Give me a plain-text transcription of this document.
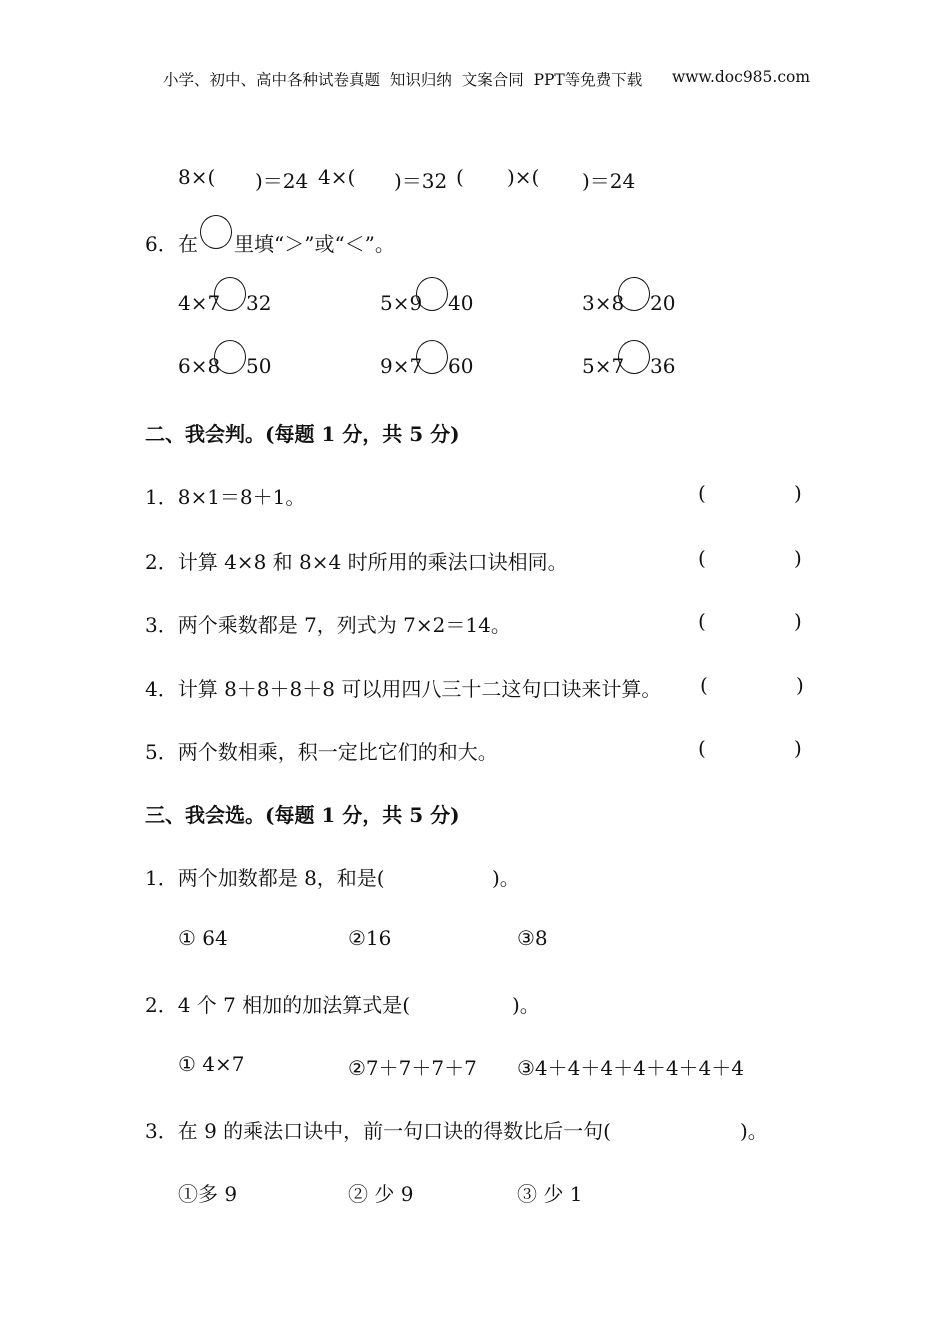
小学、初中、高中各种试卷真题  知识归纳  文案合同  PPT等免费下载 www.doc985.com
8×( )＝24 4×( )＝32 ( )×( )＝24
6． 在 里填“＞”或“＜”。
4×7 32	5×9 40	3×8 20
6×8 50	9×7 60	5×7 36
二、我会判。(每题 1 分，共 5 分)
1．8×1＝8＋1。	(	)
2．计算 4×8 和 8×4 时所用的乘法口诀相同。	(	)
3．两个乘数都是 7，列式为 7×2＝14。	(	)
4．计算 8＋8＋8＋8 可以用四八三十二这句口诀来计算。 (	)
5．两个数相乘，积一定比它们的和大。	(	)
三、我会选。(每题 1 分，共 5 分)
1．两个加数都是 8，和是(	)。
① 64	②16	③8
2．4 个 7 相加的加法算式是(	)。
① 4×7	②7＋7＋7＋7 ③4＋4＋4＋4＋4＋4＋4
3．在 9 的乘法口诀中，前一句口诀的得数比后一句(	)。
①多 9	② 少 9	③ 少 1
